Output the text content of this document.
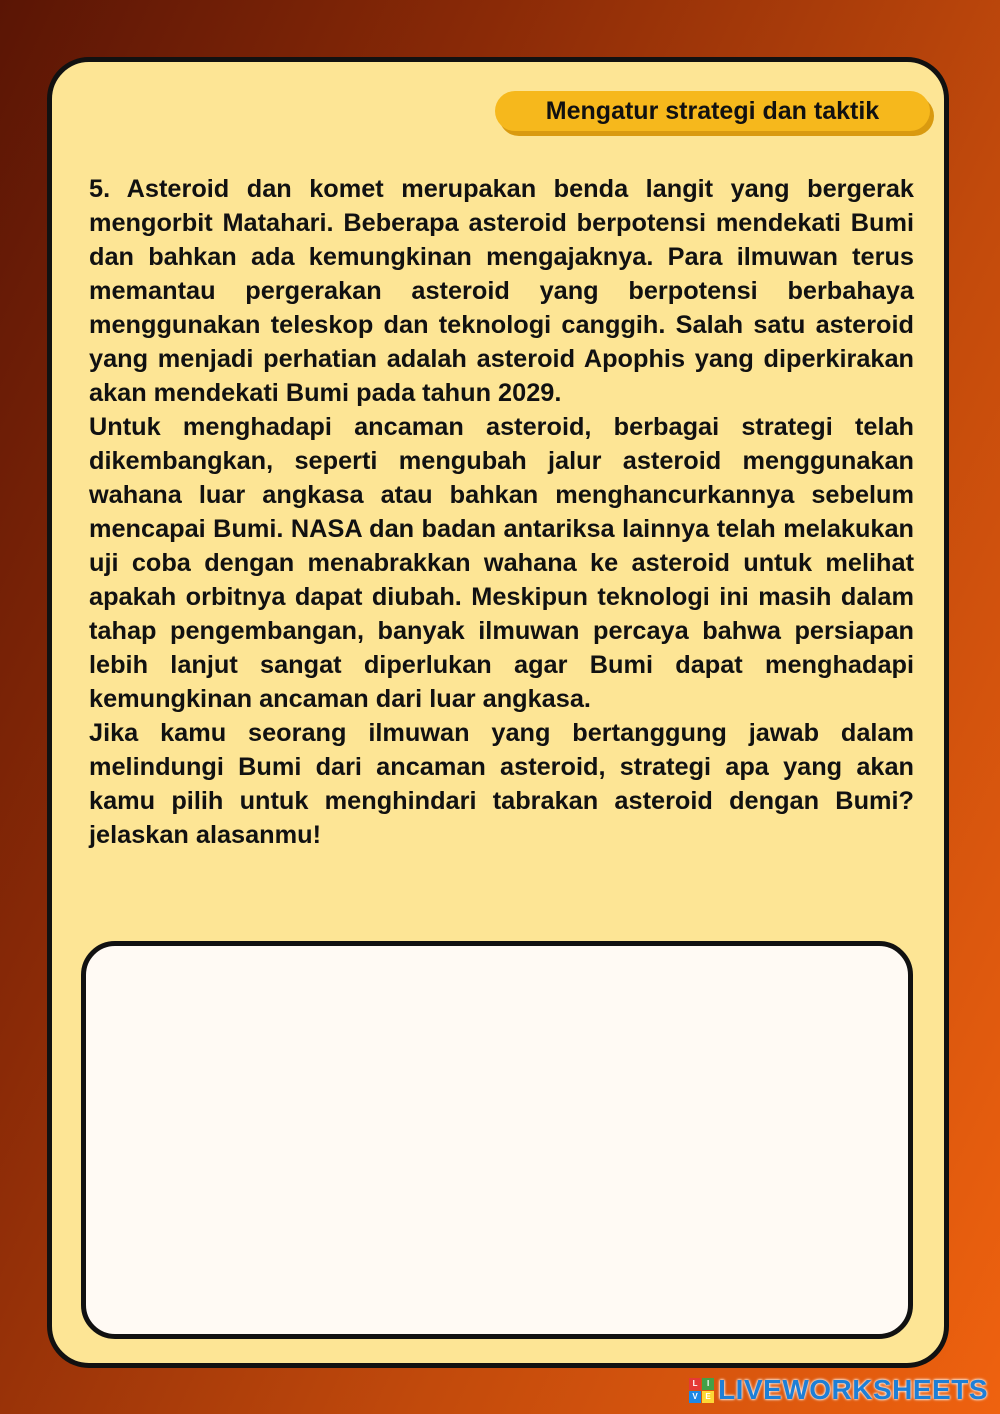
Mengatur strategi dan taktik

5. Asteroid dan komet merupakan benda langit yang bergerak mengorbit Matahari. Beberapa asteroid berpotensi mendekati Bumi dan bahkan ada kemungkinan mengajaknya. Para ilmuwan terus memantau pergerakan asteroid yang berpotensi berbahaya menggunakan teleskop dan teknologi canggih. Salah satu asteroid yang menjadi perhatian adalah asteroid Apophis yang diperkirakan akan mendekati Bumi pada tahun 2029.

Untuk menghadapi ancaman asteroid, berbagai strategi telah dikembangkan, seperti mengubah jalur asteroid menggunakan wahana luar angkasa atau bahkan menghancurkannya sebelum mencapai Bumi. NASA dan badan antariksa lainnya telah melakukan uji coba dengan menabrakkan wahana ke asteroid untuk melihat apakah orbitnya dapat diubah. Meskipun teknologi ini masih dalam tahap pengembangan, banyak ilmuwan percaya bahwa persiapan lebih lanjut sangat diperlukan agar Bumi dapat menghadapi kemungkinan ancaman dari luar angkasa.

Jika kamu seorang ilmuwan yang bertanggung jawab dalam melindungi Bumi dari ancaman asteroid, strategi apa yang akan kamu pilih untuk menghindari tabrakan asteroid dengan Bumi? jelaskan alasanmu!

L	I
V E LIVEWORKSHEETS
